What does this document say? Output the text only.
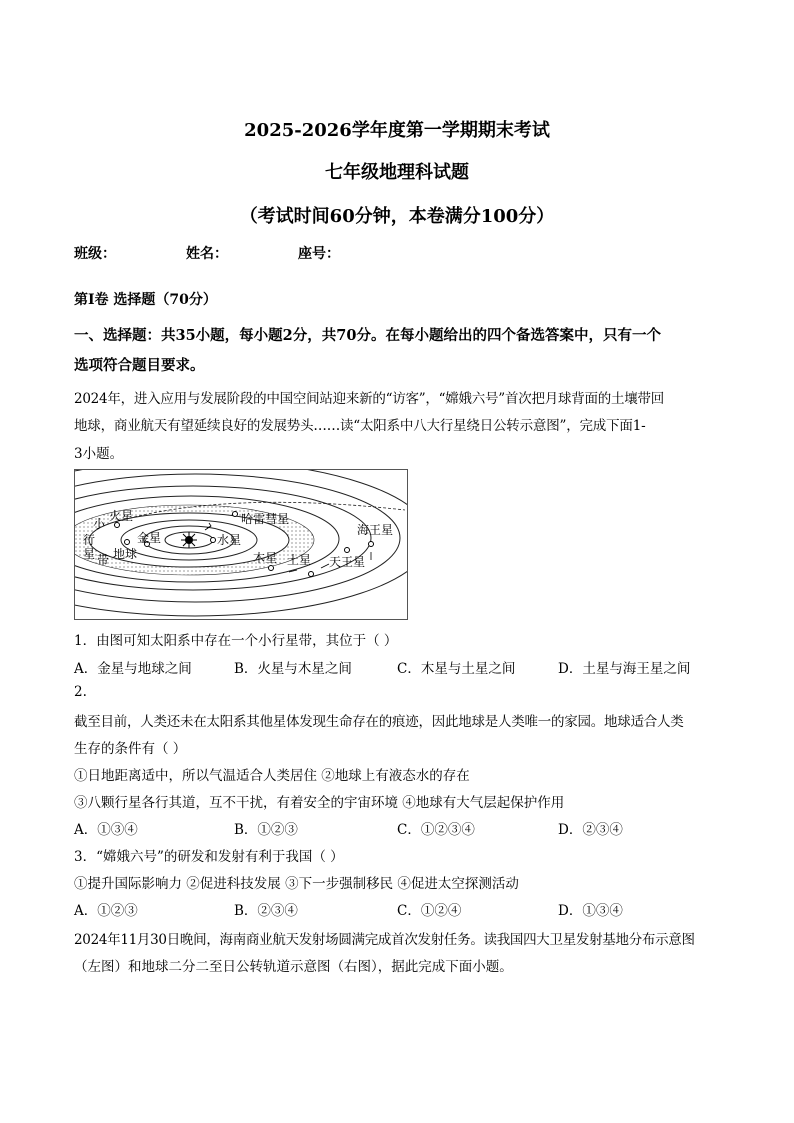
2025-2026学年度第一学期期末考试
七年级地理科试题
（考试时间60分钟，本卷满分100分）
班级：	姓名：	座号：
第Ⅰ卷 选择题（70分）
一、选择题：共35小题，每小题2分，共70分。在每小题给出的四个备选答案中，只有一个
选项符合题目要求。
2024年，进入应用与发展阶段的中国空间站迎来新的“访客”，“嫦娥六号”首次把月球背面的土壤带回
地球，商业航天有望延续良好的发展势头……读“太阳系中八大行星绕日公转示意图”，完成下面1-
3小题。
火星	哈雷彗星
金星	水星
地球	木星 土星 天王星
海王星
小
行
星 带
1．由图可知太阳系中存在一个小行星带，其位于（ ）
A．金星与地球之间	B．火星与木星之间	C．木星与土星之间	D．土星与海王星之间
2.
截至目前，人类还未在太阳系其他星体发现生命存在的痕迹，因此地球是人类唯一的家园。地球适合人类
生存的条件有（ ）
①日地距离适中，所以气温适合人类居住 ②地球上有液态水的存在
③八颗行星各行其道，互不干扰，有着安全的宇宙环境 ④地球有大气层起保护作用
A．①③④	B．①②③	C．①②③④	D．②③④
3．“嫦娥六号”的研发和发射有利于我国（ ）
①提升国际影响力 ②促进科技发展 ③下一步强制移民 ④促进太空探测活动
A．①②③	B．②③④	C．①②④	D．①③④
2024年11月30日晚间，海南商业航天发射场圆满完成首次发射任务。读我国四大卫星发射基地分布示意图
（左图）和地球二分二至日公转轨道示意图（右图），据此完成下面小题。
